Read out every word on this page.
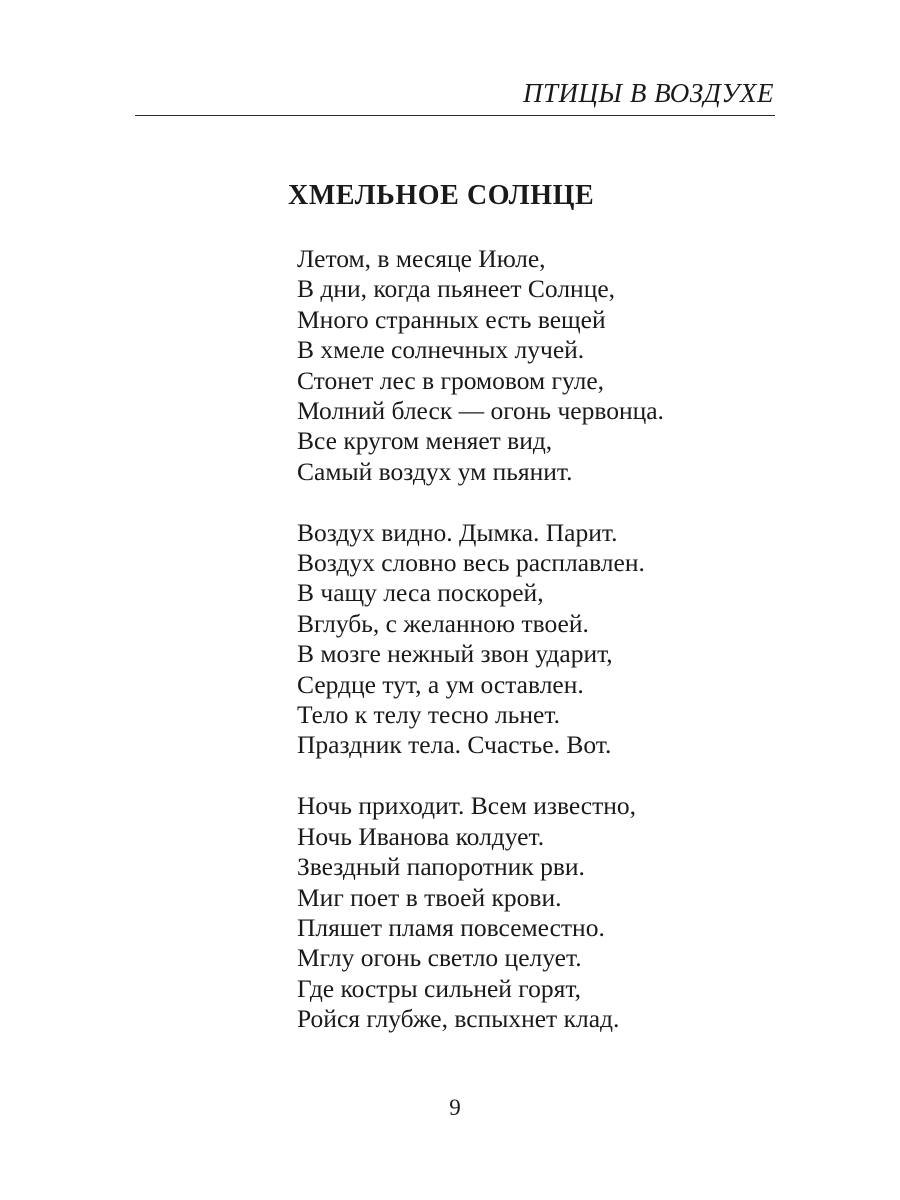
ПТИЦЫ В ВОЗДУХЕ
ХМЕЛЬНОЕ СОЛНЦЕ
Летом, в месяце Июле,
В дни, когда пьянеет Солнце,
Много странных есть вещей
В хмеле солнечных лучей.
Стонет лес в громовом гуле,
Молний блеск — огонь червонца.
Все кругом меняет вид,
Самый воздух ум пьянит.
Воздух видно. Дымка. Парит.
Воздух словно весь расплавлен.
В чащу леса поскорей,
Вглубь, с желанною твоей.
В мозге нежный звон ударит,
Сердце тут, а ум оставлен.
Тело к телу тесно льнет.
Праздник тела. Счастье. Вот.
Ночь приходит. Всем известно,
Ночь Иванова колдует.
Звездный папоротник рви.
Миг поет в твоей крови.
Пляшет пламя повсеместно.
Мглу огонь светло целует.
Где костры сильней горят,
Ройся глубже, вспыхнет клад.
9
